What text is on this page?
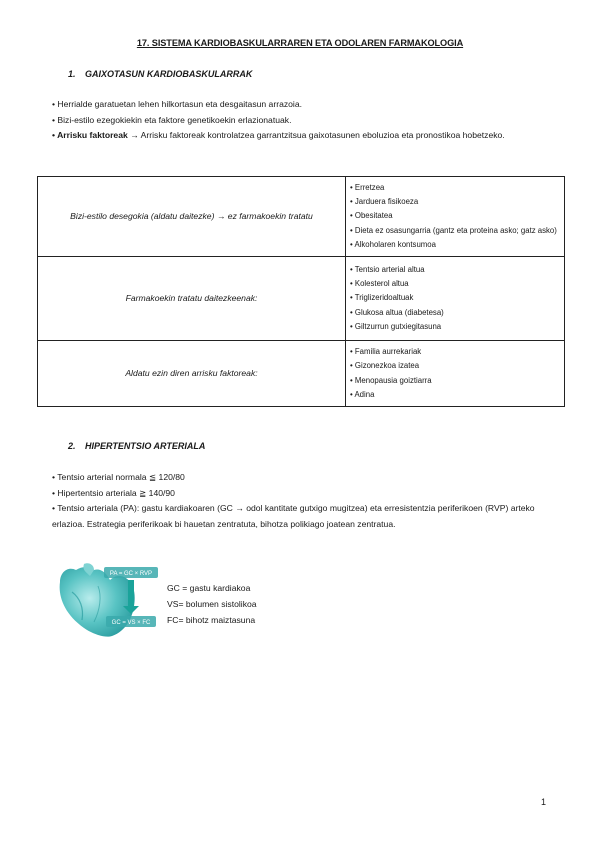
17. SISTEMA KARDIOBASKULARRAREN ETA ODOLAREN FARMAKOLOGIA
1. GAIXOTASUN KARDIOBASKULARRAK

• Herrialde garatuetan lehen hilkortasun eta desgaitasun arrazoia.

• Bizi-estilo ezegokiekin eta faktore genetikoekin erlazionatuak.

• Arrisku faktoreak → Arrisku faktoreak kontrolatzea garrantzitsua gaixotasunen eboluzioa eta pronostikoa hobetzeko.

Bizi-estilo desegokia (aldatu daitezke) → ez farmakoekin tratatu	• Erretzea
• Jarduera fisikoeza
• Obesitatea
• Dieta ez osasungarria (gantz eta proteina asko; gatz asko)
• Alkoholaren kontsumoa

Farmakoekin tratatu daitezkeenak:	• Tentsio arterial altua
• Kolesterol altua
• Triglizeridoaltuak
• Glukosa altua (diabetesa)
• Giltzurrun gutxiegitasuna

Aldatu ezin diren arrisku faktoreak:	• Familia aurrekariak
• Gizonezkoa izatea
• Menopausia goiztiarra
• Adina
2. HIPERTENTSIO ARTERIALA

• Tentsio arterial normala ≦ 120/80

• Hipertentsio arteriala ≧ 140/90

• Tentsio arteriala (PA): gastu kardiakoaren (GC → odol kantitate gutxigo mugitzea) eta erresistentzia periferikoen (RVP) arteko erlazioa. Estrategia periferikoak bi hauetan zentratuta, bihotza polikiago joatean zentratua.

PA = GC × RVP
GC = VS × FC

GC = gastu kardiakoa

VS= bolumen sistolikoa

FC= bihotz maiztasuna

1
